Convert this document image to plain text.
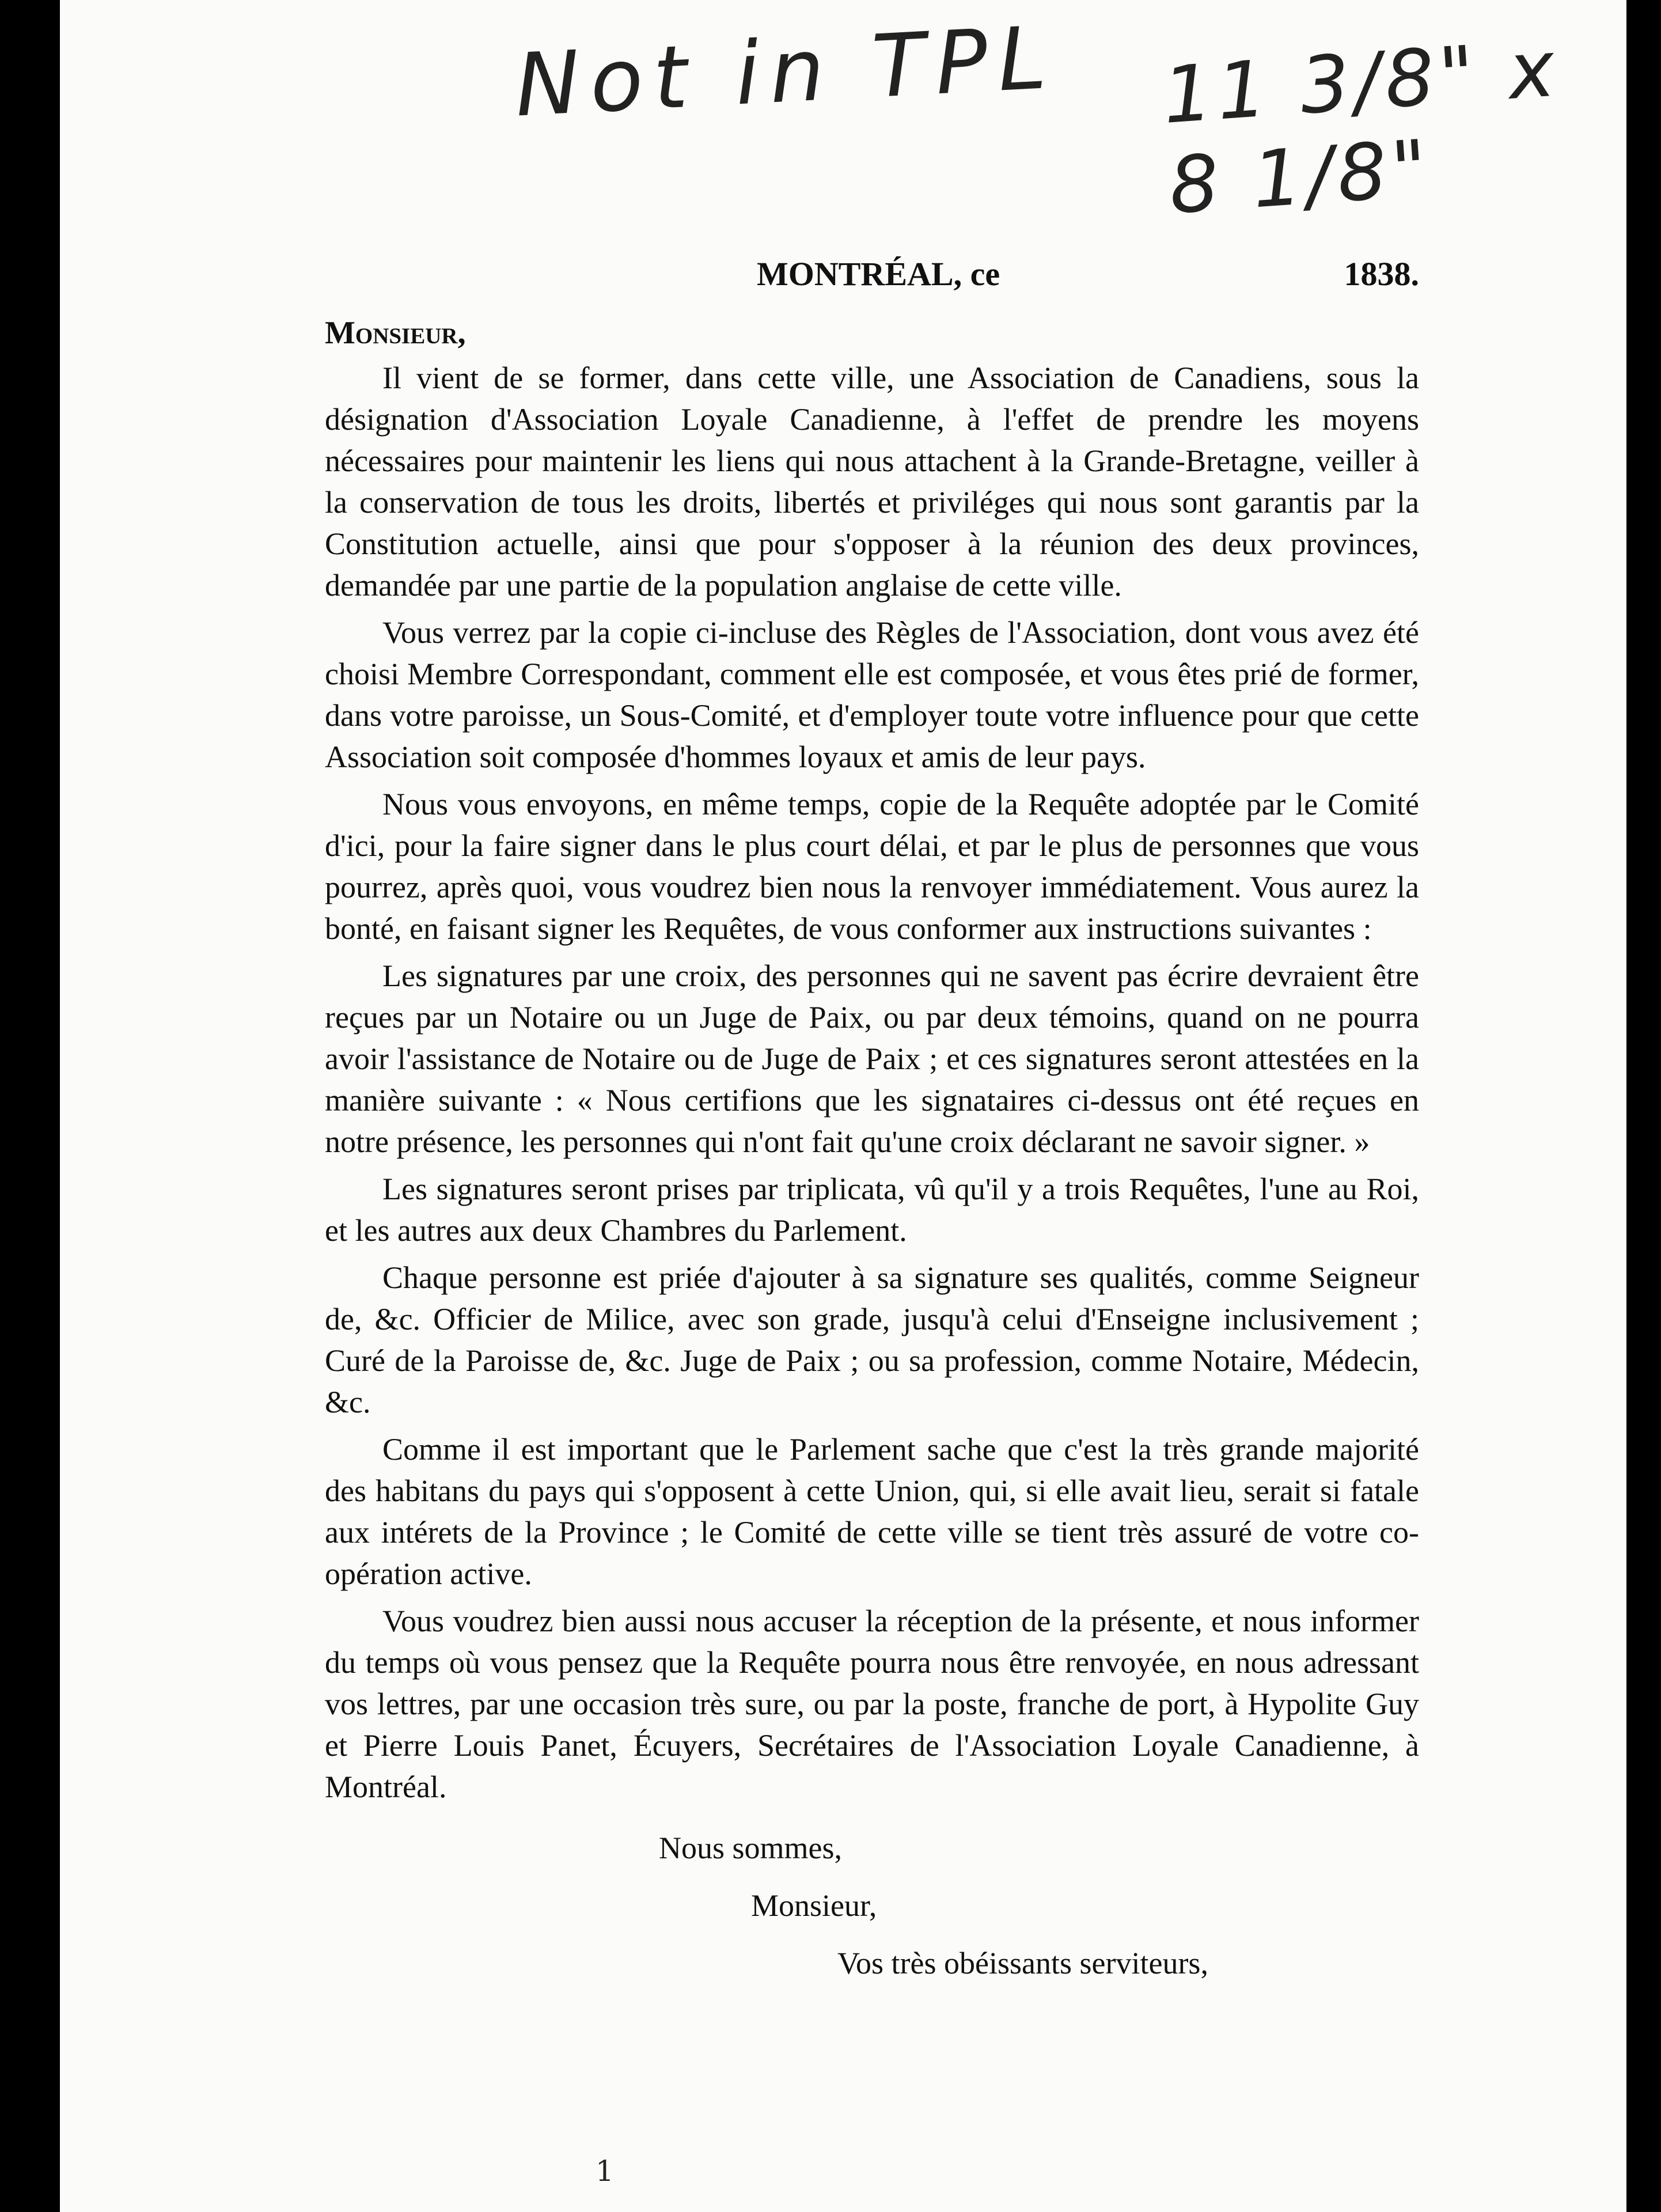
Not in TPL 11 3/8" x 8 1/8"
MONTRÉAL, ce	1838.
Monsieur,

Il vient de se former, dans cette ville, une Association de Canadiens, sous la désignation d'Association Loyale Canadienne, à l'effet de prendre les moyens nécessaires pour maintenir les liens qui nous attachent à la Grande-Bretagne, veiller à la conservation de tous les droits, libertés et priviléges qui nous sont garantis par la Constitution actuelle, ainsi que pour s'opposer à la réunion des deux provinces, demandée par une partie de la population anglaise de cette ville.

Vous verrez par la copie ci-incluse des Règles de l'Association, dont vous avez été choisi Membre Correspondant, comment elle est composée, et vous êtes prié de former, dans votre paroisse, un Sous-Comité, et d'employer toute votre influence pour que cette Association soit composée d'hommes loyaux et amis de leur pays.

Nous vous envoyons, en même temps, copie de la Requête adoptée par le Comité d'ici, pour la faire signer dans le plus court délai, et par le plus de personnes que vous pourrez, après quoi, vous voudrez bien nous la renvoyer immédiatement. Vous aurez la bonté, en faisant signer les Requêtes, de vous conformer aux instructions suivantes :

Les signatures par une croix, des personnes qui ne savent pas écrire devraient être reçues par un Notaire ou un Juge de Paix, ou par deux témoins, quand on ne pourra avoir l'assistance de Notaire ou de Juge de Paix ; et ces signatures seront attestées en la manière suivante : « Nous certifions que les signataires ci-dessus ont été reçues en notre présence, les personnes qui n'ont fait qu'une croix déclarant ne savoir signer. »

Les signatures seront prises par triplicata, vû qu'il y a trois Requêtes, l'une au Roi, et les autres aux deux Chambres du Parlement.

Chaque personne est priée d'ajouter à sa signature ses qualités, comme Seigneur de, &c. Officier de Milice, avec son grade, jusqu'à celui d'Enseigne inclusivement ; Curé de la Paroisse de, &c. Juge de Paix ; ou sa profession, comme Notaire, Médecin, &c.

Comme il est important que le Parlement sache que c'est la très grande majorité des habitans du pays qui s'opposent à cette Union, qui, si elle avait lieu, serait si fatale aux intérets de la Province ; le Comité de cette ville se tient très assuré de votre co-opération active.

Vous voudrez bien aussi nous accuser la réception de la présente, et nous informer du temps où vous pensez que la Requête pourra nous être renvoyée, en nous adressant vos lettres, par une occasion très sure, ou par la poste, franche de port, à Hypolite Guy et Pierre Louis Panet, Écuyers, Secrétaires de l'Association Loyale Canadienne, à Montréal.

Nous sommes,
Monsieur,
Vos très obéissants serviteurs,
1
